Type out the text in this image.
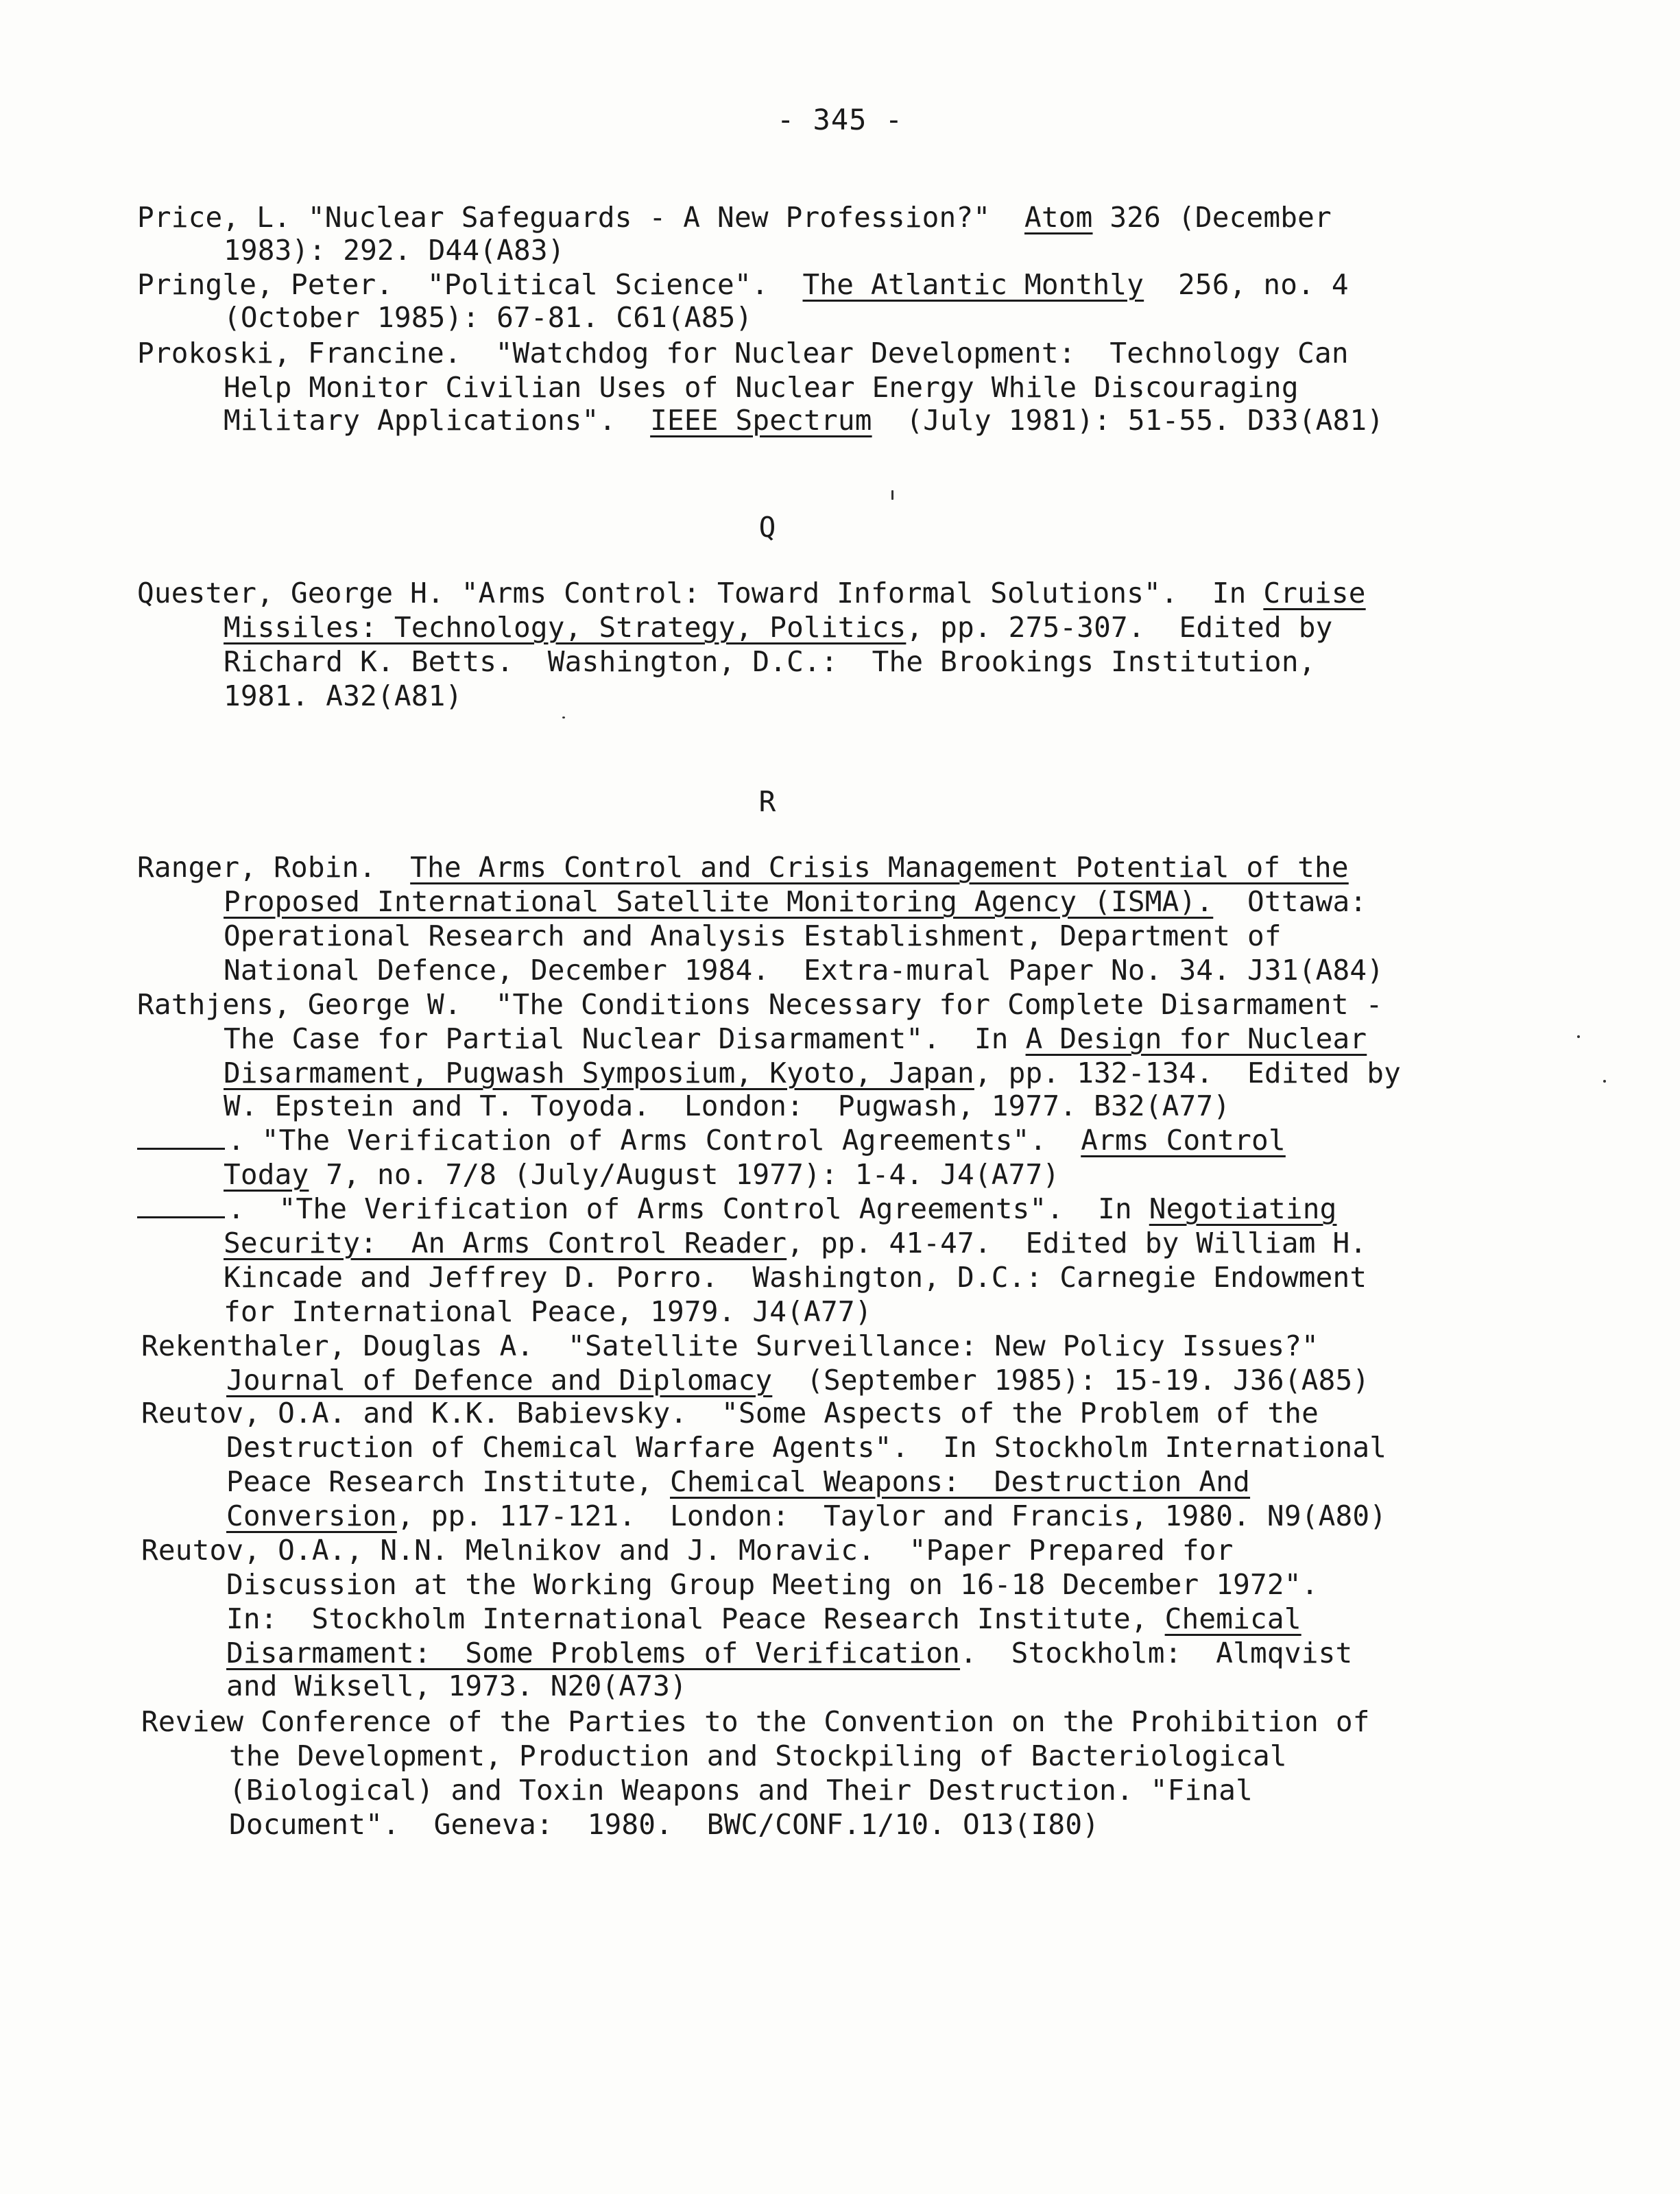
- 345 -
Price, L. "Nuclear Safeguards - A New Profession?"  Atom 326 (December
1983): 292. D44(A83)
Pringle, Peter.  "Political Science".  The Atlantic Monthly  256, no. 4
(October 1985): 67-81. C61(A85)
Prokoski, Francine.  "Watchdog for Nuclear Development:  Technology Can
Help Monitor Civilian Uses of Nuclear Energy While Discouraging
Military Applications".  IEEE Spectrum  (July 1981): 51-55. D33(A81)
Q
Quester, George H. "Arms Control: Toward Informal Solutions".  In Cruise
Missiles: Technology, Strategy, Politics, pp. 275-307.  Edited by
Richard K. Betts.  Washington, D.C.:  The Brookings Institution,
1981. A32(A81)
R
Ranger, Robin.  The Arms Control and Crisis Management Potential of the
Proposed International Satellite Monitoring Agency (ISMA).  Ottawa:
Operational Research and Analysis Establishment, Department of
National Defence, December 1984.  Extra-mural Paper No. 34. J31(A84)
Rathjens, George W.  "The Conditions Necessary for Complete Disarmament -
The Case for Partial Nuclear Disarmament".  In A Design for Nuclear
Disarmament, Pugwash Symposium, Kyoto, Japan, pp. 132-134.  Edited by
W. Epstein and T. Toyoda.  London:  Pugwash, 1977. B32(A77)
. "The Verification of Arms Control Agreements".  Arms Control
Today 7, no. 7/8 (July/August 1977): 1-4. J4(A77)
.  "The Verification of Arms Control Agreements".  In Negotiating
Security:  An Arms Control Reader, pp. 41-47.  Edited by William H.
Kincade and Jeffrey D. Porro.  Washington, D.C.: Carnegie Endowment
for International Peace, 1979. J4(A77)
Rekenthaler, Douglas A.  "Satellite Surveillance: New Policy Issues?"
Journal of Defence and Diplomacy  (September 1985): 15-19. J36(A85)
Reutov, O.A. and K.K. Babievsky.  "Some Aspects of the Problem of the
Destruction of Chemical Warfare Agents".  In Stockholm International
Peace Research Institute, Chemical Weapons:  Destruction And
Conversion, pp. 117-121.  London:  Taylor and Francis, 1980. N9(A80)
Reutov, O.A., N.N. Melnikov and J. Moravic.  "Paper Prepared for
Discussion at the Working Group Meeting on 16-18 December 1972".
In:  Stockholm International Peace Research Institute, Chemical
Disarmament:  Some Problems of Verification.  Stockholm:  Almqvist
and Wiksell, 1973. N20(A73)
Review Conference of the Parties to the Convention on the Prohibition of
the Development, Production and Stockpiling of Bacteriological
(Biological) and Toxin Weapons and Their Destruction. "Final
Document".  Geneva:  1980.  BWC/CONF.1/10. O13(I80)
